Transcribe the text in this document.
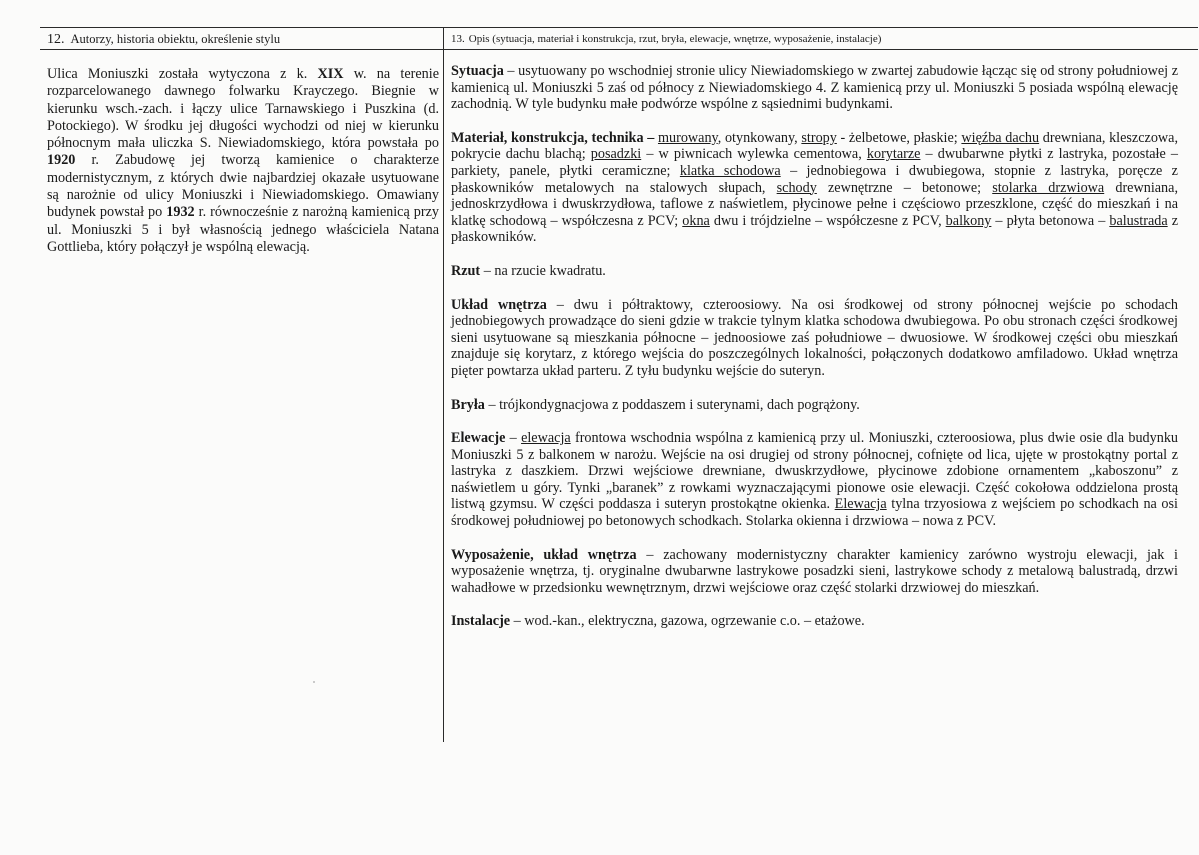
12. Autorzy, historia obiektu, określenie stylu	13. Opis (sytuacja, materiał i konstrukcja, rzut, bryła, elewacje, wnętrze, wyposażenie, instalacje)

Ulica Moniuszki została wytyczona z k. XIX w. na terenie rozparcelowanego dawnego folwarku Krayczego. Biegnie w kierunku wsch.-zach. i łączy ulice Tarnawskiego i Puszkina (d. Potockiego). W środku jej długości wychodzi od niej w kierunku północnym mała uliczka S. Niewiadomskiego, która powstała po 1920 r. Zabudowę jej tworzą kamienice o charakterze modernistycznym, z których dwie najbardziej okazałe usytuowane są narożnie od ulicy Moniuszki i Niewiadomskiego. Omawiany budynek powstał po 1932 r. równocześnie z narożną kamienicą przy ul. Moniuszki 5 i był własnością jednego właściciela Natana Gottlieba, który połączył je wspólną elewacją.

Sytuacja – usytuowany po wschodniej stronie ulicy Niewiadomskiego w zwartej zabudowie łącząc się od strony południowej z kamienicą ul. Moniuszki 5 zaś od północy z Niewiadomskiego 4. Z kamienicą przy ul. Moniuszki 5 posiada wspólną elewację zachodnią. W tyle budynku małe podwórze wspólne z sąsiednimi budynkami.

Materiał, konstrukcja, technika – murowany, otynkowany, stropy - żelbetowe, płaskie; więźba dachu drewniana, kleszczowa, pokrycie dachu blachą; posadzki – w piwnicach wylewka cementowa, korytarze – dwubarwne płytki z lastryka, pozostałe – parkiety, panele, płytki ceramiczne; klatka schodowa – jednobiegowa i dwubiegowa, stopnie z lastryka, poręcze z płaskowników metalowych na stalowych słupach, schody zewnętrzne – betonowe; stolarka drzwiowa drewniana, jednoskrzydłowa i dwuskrzydłowa, taflowe z naświetlem, płycinowe pełne i częściowo przeszklone, część do mieszkań i na klatkę schodową – współczesna z PCV; okna dwu i trójdzielne – współczesne z PCV, balkony – płyta betonowa – balustrada z płaskowników.

Rzut – na rzucie kwadratu.

Układ wnętrza – dwu i półtraktowy, czteroosiowy. Na osi środkowej od strony północnej wejście po schodach jednobiegowych prowadzące do sieni gdzie w trakcie tylnym klatka schodowa dwubiegowa. Po obu stronach części środkowej sieni usytuowane są mieszkania północne – jednoosiowe zaś południowe – dwuosiowe. W środkowej części obu mieszkań znajduje się korytarz, z którego wejścia do poszczególnych lokalności, połączonych dodatkowo amfiladowo. Układ wnętrza pięter powtarza układ parteru. Z tyłu budynku wejście do suteryn.

Bryła – trójkondygnacjowa z poddaszem i suterynami, dach pogrążony.

Elewacje – elewacja frontowa wschodnia wspólna z kamienicą przy ul. Moniuszki, czteroosiowa, plus dwie osie dla budynku Moniuszki 5 z balkonem w narożu. Wejście na osi drugiej od strony północnej, cofnięte od lica, ujęte w prostokątny portal z lastryka z daszkiem. Drzwi wejściowe drewniane, dwuskrzydłowe, płycinowe zdobione ornamentem „kaboszonu” z naświetlem u góry. Tynki „baranek” z rowkami wyznaczającymi pionowe osie elewacji. Część cokołowa oddzielona prostą listwą gzymsu. W części poddasza i suteryn prostokątne okienka. Elewacja tylna trzyosiowa z wejściem po schodkach na osi środkowej południowej po betonowych schodkach. Stolarka okienna i drzwiowa – nowa z PCV.

Wyposażenie, układ wnętrza – zachowany modernistyczny charakter kamienicy zarówno wystroju elewacji, jak i wyposażenie wnętrza, tj. oryginalne dwubarwne lastrykowe posadzki sieni, lastrykowe schody z metalową balustradą, drzwi wahadłowe w przedsionku wewnętrznym, drzwi wejściowe oraz część stolarki drzwiowej do mieszkań.

Instalacje – wod.-kan., elektryczna, gazowa, ogrzewanie c.o. – etażowe.
